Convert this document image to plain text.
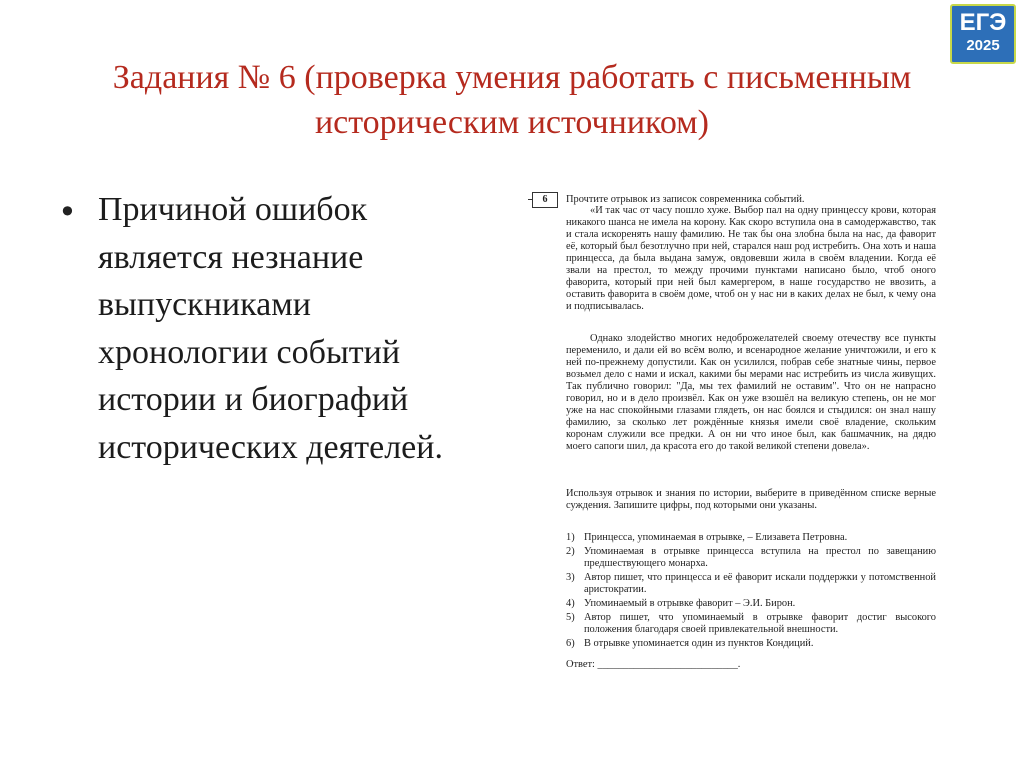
ЕГЭ
2025
Задания № 6 (проверка умения работать с письменным историческим источником)
• Причиной ошибок является незнание выпускниками хронологии событий истории и биографий исторических деятелей.
6	Прочтите отрывок из записок современника событий.
«И так час от часу пошло хуже. Выбор пал на одну принцессу крови, которая никакого шанса не имела на корону. Как скоро вступила она в самодержавство, так и стала искоренять нашу фамилию. Не так бы она злобна была на нас, да фаворит её, который был безотлучно при ней, старался наш род истребить. Она хоть и наша принцесса, да была выдана замуж, овдовевши жила в своём владении. Когда её звали на престол, то между прочими пунктами написано было, чтоб оного фаворита, который при ней был камергером, в наше государство не ввозить, а оставить фаворита в своём доме, чтоб он у нас ни в каких делах не был, к чему она и подписывалась.
Однако злодейство многих недоброжелателей своему отечеству все пункты переменило, и дали ей во всём волю, и всенародное желание уничтожили, и его к ней по-прежнему допустили. Как он усилился, побрав себе знатные чины, первое возьмел дело с нами и искал, какими бы мерами нас истребить из числа живущих. Так публично говорил: "Да, мы тех фамилий не оставим". Что он не напрасно говорил, но и в дело произвёл. Как он уже взошёл на великую степень, он не мог уже на нас спокойными глазами глядеть, он нас боялся и стыдился: он знал нашу фамилию, за сколько лет рождённые князья имели своё владение, скольким коронам служили все предки. А он ни что иное был, как башмачник, на дядю моего сапоги шил, да красота его до такой великой степени довела».
Используя отрывок и знания по истории, выберите в приведённом списке верные суждения. Запишите цифры, под которыми они указаны.
1) Принцесса, упоминаемая в отрывке, – Елизавета Петровна.
2) Упоминаемая в отрывке принцесса вступила на престол по завещанию предшествующего монарха.
3) Автор пишет, что принцесса и её фаворит искали поддержки у потомственной аристократии.
4) Упоминаемый в отрывке фаворит – Э.И. Бирон.
5) Автор пишет, что упоминаемый в отрывке фаворит достиг высокого положения благодаря своей привлекательной внешности.
6) В отрывке упоминается один из пунктов Кондиций.
Ответ: ___________________________.
